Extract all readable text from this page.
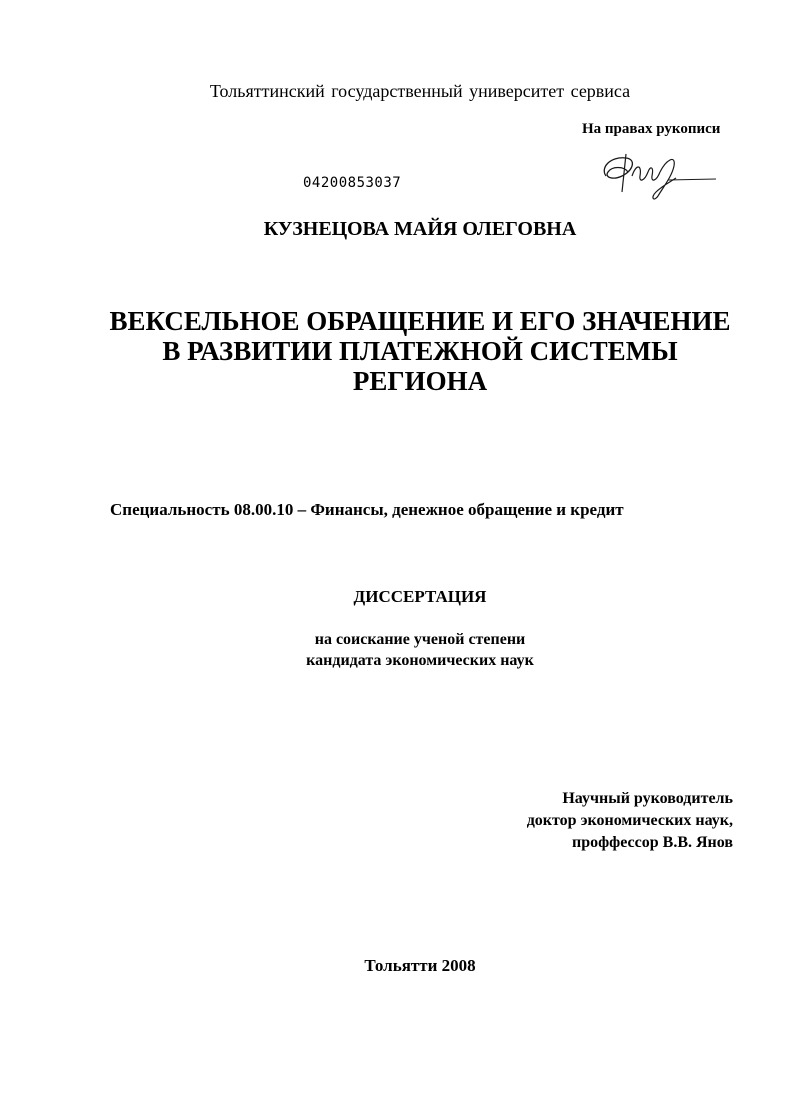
Тольяттинский государственный университет сервиса
На правах рукописи
04200853037
КУЗНЕЦОВА МАЙЯ ОЛЕГОВНА
ВЕКСЕЛЬНОЕ ОБРАЩЕНИЕ И ЕГО ЗНАЧЕНИЕ
В РАЗВИТИИ ПЛАТЕЖНОЙ СИСТЕМЫ
РЕГИОНА
Специальность 08.00.10 – Финансы, денежное обращение и кредит
ДИССЕРТАЦИЯ
на соискание ученой степени
кандидата экономических наук
Научный руководитель
доктор экономических наук,
проффессор В.В. Янов
Тольятти 2008
